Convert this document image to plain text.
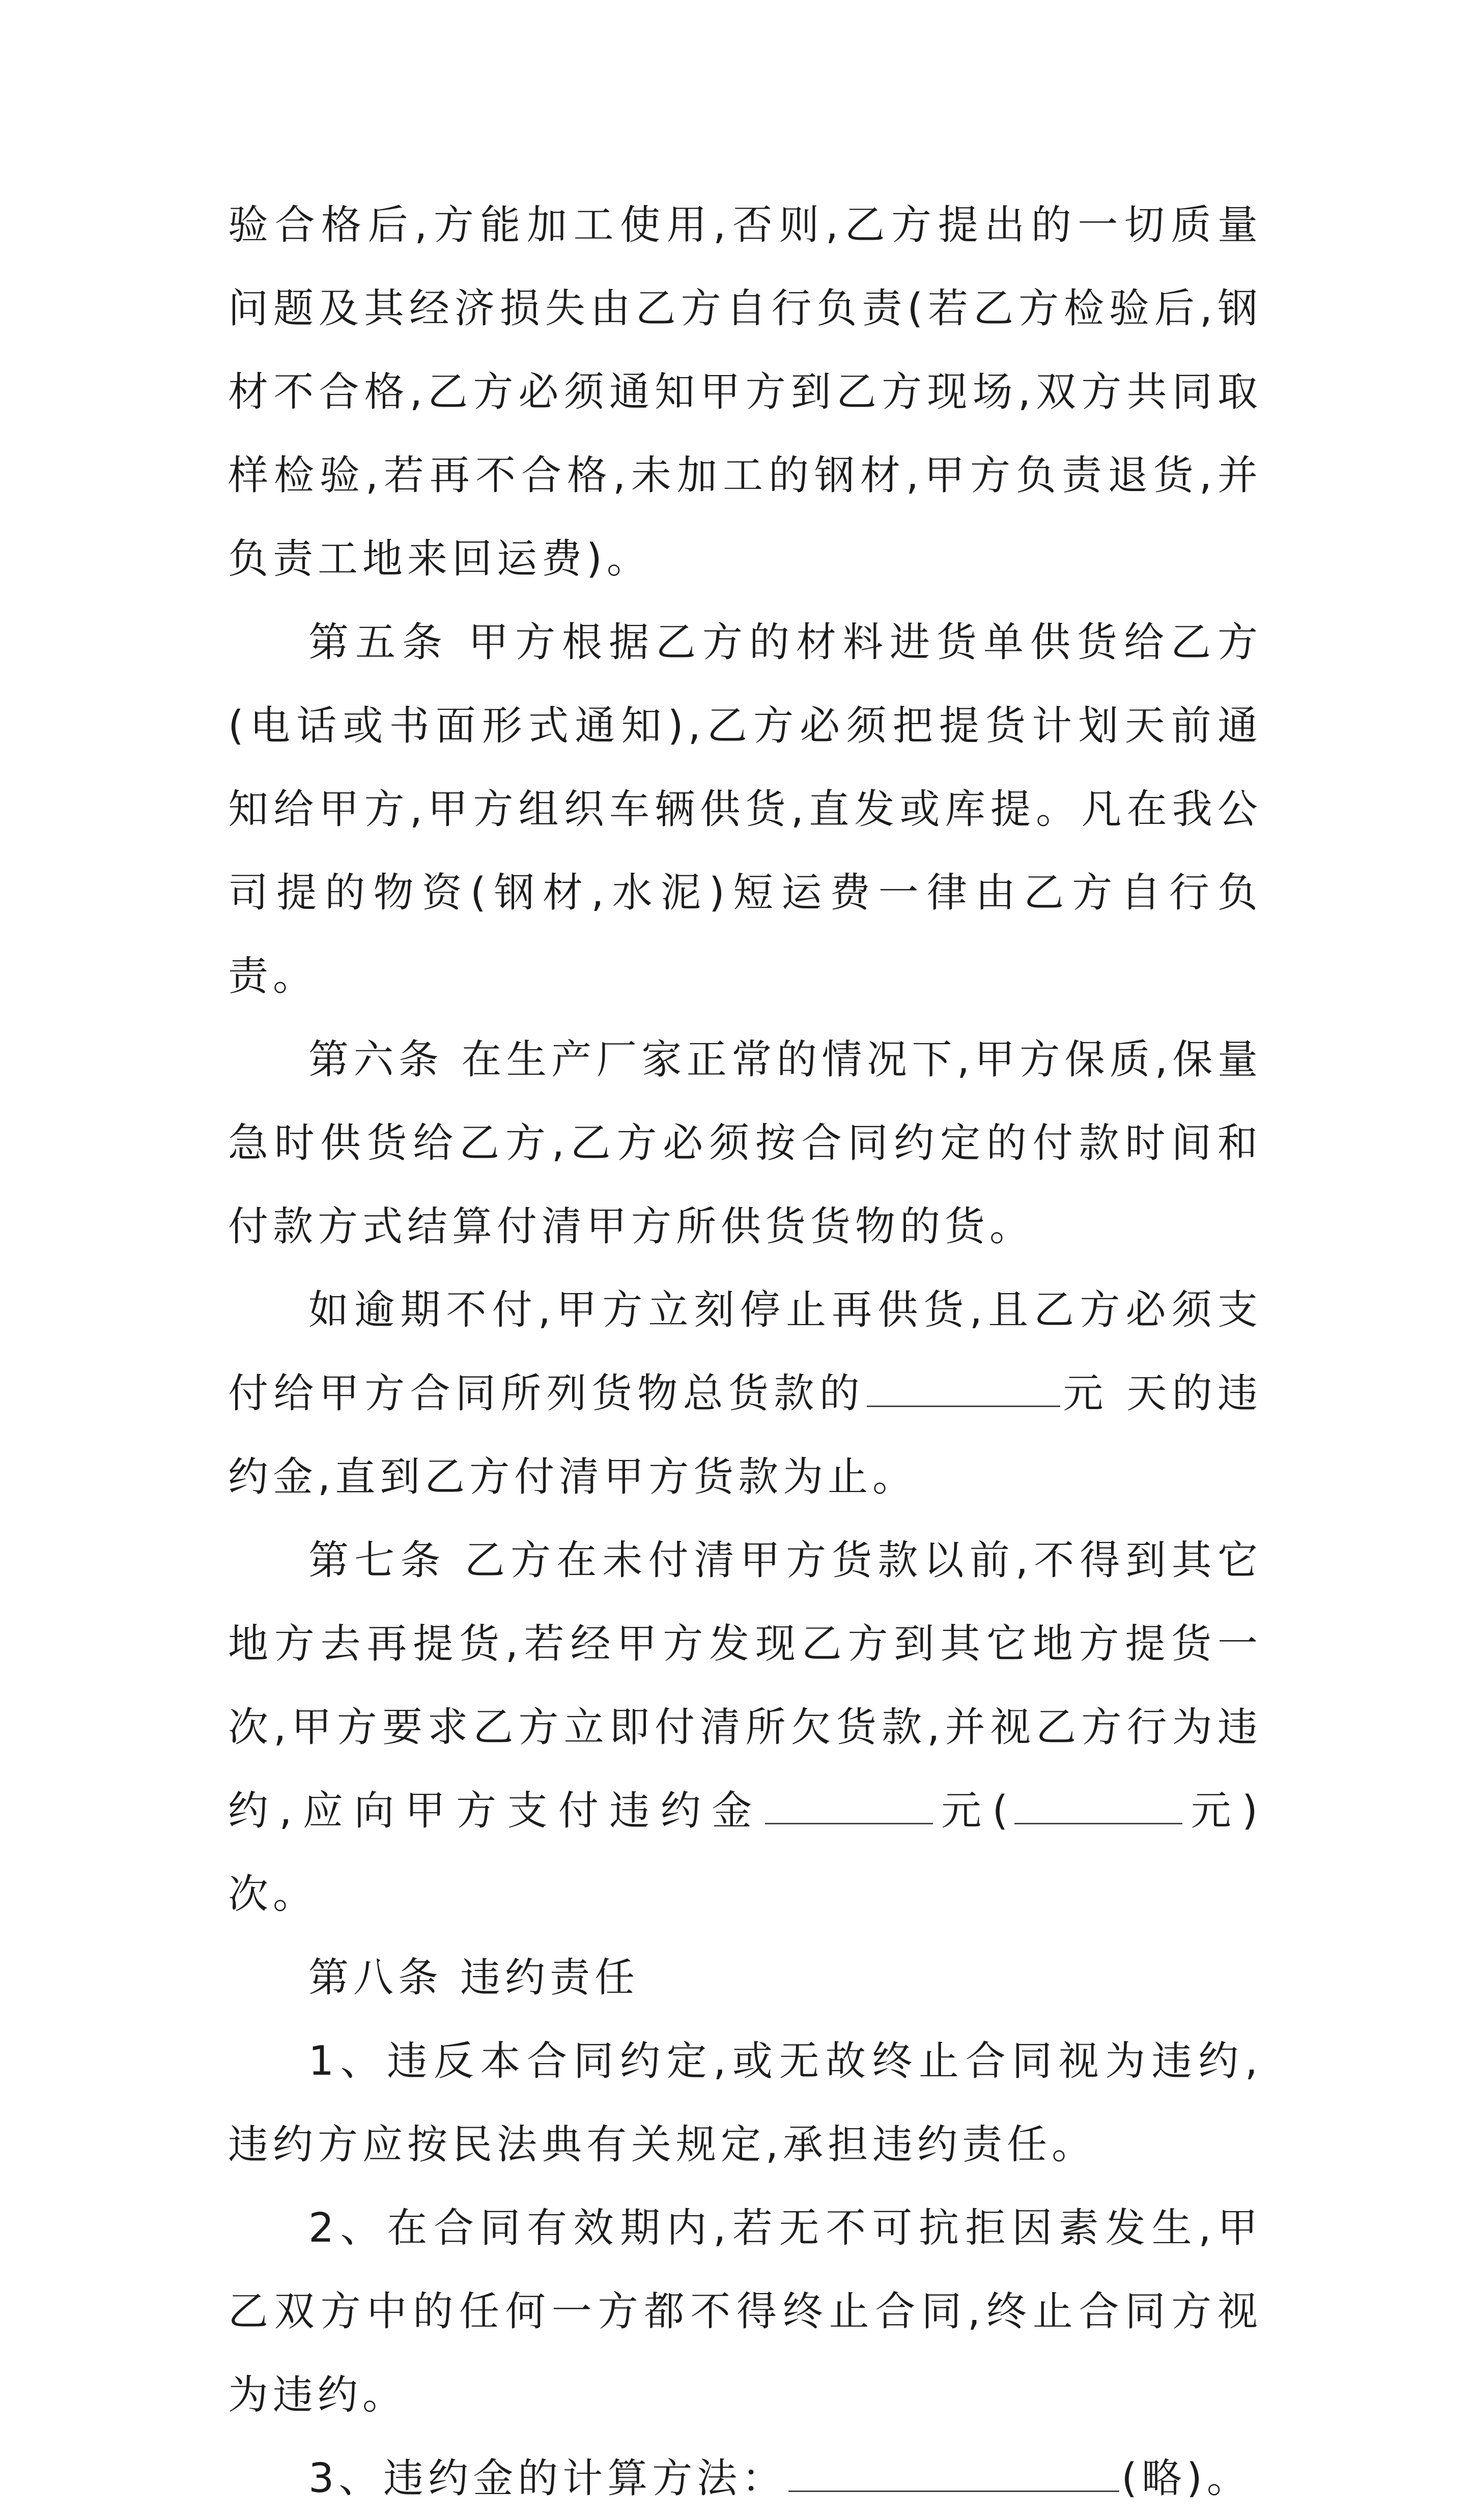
验合格后,方能加工使用,否则,乙方提出的一切质量问题及其经济损失由乙方自行负责(若乙方检验后,钢材不合格,乙方必须通知甲方到乙方现场,双方共同取样检验,若再不合格,未加工的钢材,甲方负责退货,并负责工地来回运费)。

第五条 甲方根据乙方的材料进货单供货给乙方(电话或书面形式通知),乙方必须把提货计划天前通知给甲方,甲方组织车辆供货,直发或库提。凡在我公司提的物资(钢材,水泥)短运费一律由乙方自行负责。

第六条 在生产厂家正常的情况下,甲方保质,保量急时供货给乙方,乙方必须按合同约定的付款时间和付款方式结算付清甲方所供货货物的货。

如逾期不付,甲方立刻停止再供货,且乙方必须支付给甲方合同所列货物总货款的	元 天的违约金,直到乙方付清甲方货款为止。

第七条 乙方在未付清甲方货款以前,不得到其它地方去再提货,若经甲方发现乙方到其它地方提货一次,甲方要求乙方立即付清所欠货款,并视乙方行为违约,应向甲方支付违约金	元(	元) 次。

第八条 违约责任

1、违反本合同约定,或无故终止合同视为违约,违约方应按民法典有关规定,承担违约责任。

2、在合同有效期内,若无不可抗拒因素发生,甲乙双方中的任何一方都不得终止合同,终止合同方视为违约。

3、违约金的计算方法：	(略)。
